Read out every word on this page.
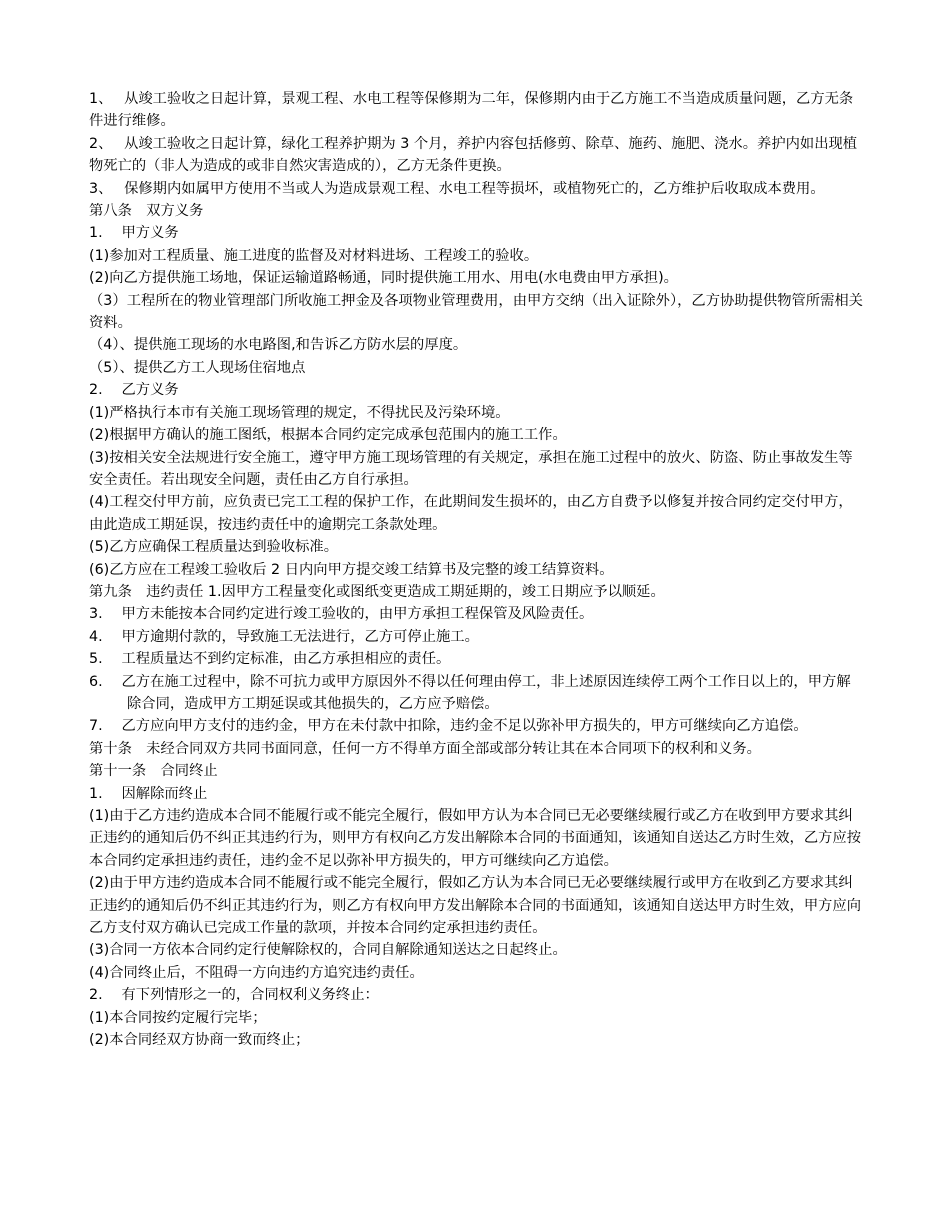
1、　 从竣工验收之日起计算，景观工程、水电工程等保修期为二年，保修期内由于乙方施工不当造成质量问题，乙方无条件进行维修。

2、　 从竣工验收之日起计算，绿化工程养护期为 3 个月，养护内容包括修剪、除草、施药、施肥、浇水。养护内如出现植物死亡的（非人为造成的或非自然灾害造成的），乙方无条件更换。

3、　 保修期内如属甲方使用不当或人为造成景观工程、水电工程等损坏，或植物死亡的，乙方维护后收取成本费用。

第八条　双方义务

1.　 甲方义务

(1)参加对工程质量、施工进度的监督及对材料进场、工程竣工的验收。

(2)向乙方提供施工场地，保证运输道路畅通，同时提供施工用水、用电(水电费由甲方承担)。

（3）工程所在的物业管理部门所收施工押金及各项物业管理费用，由甲方交纳（出入证除外），乙方协助提供物管所需相关资料。

（4）、提供施工现场的水电路图,和告诉乙方防水层的厚度。

（5）、提供乙方工人现场住宿地点

2.　 乙方义务

(1)严格执行本市有关施工现场管理的规定，不得扰民及污染环境。

(2)根据甲方确认的施工图纸，根据本合同约定完成承包范围内的施工工作。

(3)按相关安全法规进行安全施工，遵守甲方施工现场管理的有关规定，承担在施工过程中的放火、防盗、防止事故发生等安全责任。若出现安全问题，责任由乙方自行承担。

(4)工程交付甲方前，应负责已完工工程的保护工作，在此期间发生损坏的，由乙方自费予以修复并按合同约定交付甲方，由此造成工期延误，按违约责任中的逾期完工条款处理。

(5)乙方应确保工程质量达到验收标准。

(6)乙方应在工程竣工验收后 2 日内向甲方提交竣工结算书及完整的竣工结算资料。

第九条　违约责任 1.因甲方工程量变化或图纸变更造成工期延期的，竣工日期应予以顺延。

3.　 甲方未能按本合同约定进行竣工验收的，由甲方承担工程保管及风险责任。

4.　 甲方逾期付款的，导致施工无法进行，乙方可停止施工。

5.　 工程质量达不到约定标准，由乙方承担相应的责任。

6.　 乙方在施工过程中，除不可抗力或甲方原因外不得以任何理由停工，非上述原因连续停工两个工作日以上的，甲方解除合同，造成甲方工期延误或其他损失的，乙方应予赔偿。

7.　 乙方应向甲方支付的违约金，甲方在未付款中扣除，违约金不足以弥补甲方损失的，甲方可继续向乙方追偿。

第十条　未经合同双方共同书面同意，任何一方不得单方面全部或部分转让其在本合同项下的权利和义务。

第十一条　合同终止

1.　 因解除而终止

(1)由于乙方违约造成本合同不能履行或不能完全履行，假如甲方认为本合同已无必要继续履行或乙方在收到甲方要求其纠正违约的通知后仍不纠正其违约行为，则甲方有权向乙方发出解除本合同的书面通知，该通知自送达乙方时生效，乙方应按本合同约定承担违约责任，违约金不足以弥补甲方损失的，甲方可继续向乙方追偿。

(2)由于甲方违约造成本合同不能履行或不能完全履行，假如乙方认为本合同已无必要继续履行或甲方在收到乙方要求其纠正违约的通知后仍不纠正其违约行为，则乙方有权向甲方发出解除本合同的书面通知，该通知自送达甲方时生效，甲方应向乙方支付双方确认已完成工作量的款项，并按本合同约定承担违约责任。

(3)合同一方依本合同约定行使解除权的，合同自解除通知送达之日起终止。

(4)合同终止后，不阻碍一方向违约方追究违约责任。

2.　 有下列情形之一的，合同权利义务终止：

(1)本合同按约定履行完毕；

(2)本合同经双方协商一致而终止；
